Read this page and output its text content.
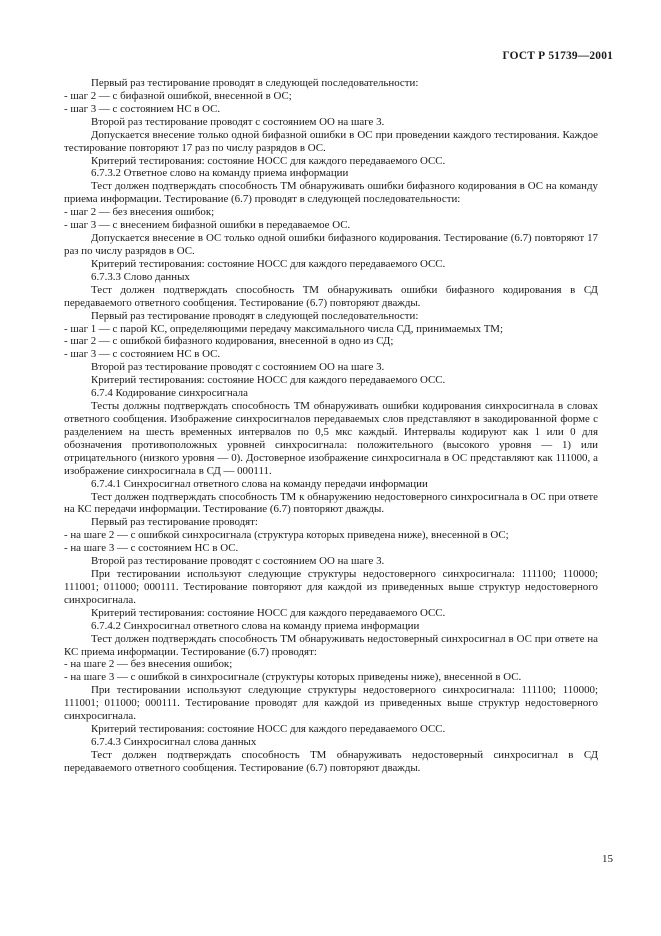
ГОСТ Р 51739—2001

Первый раз тестирование проводят в следующей последовательности:

- шаг 2 — с бифазной ошибкой, внесенной в ОС;

- шаг 3 — с состоянием НС в ОС.

Второй раз тестирование проводят с состоянием ОО на шаге 3.

Допускается внесение только одной бифазной ошибки в ОС при проведении каждого тестирования. Каждое тестирование повторяют 17 раз по числу разрядов в ОС.

Критерий тестирования: состояние НОСС для каждого передаваемого ОСС.

6.7.3.2 Ответное слово на команду приема информации

Тест должен подтверждать способность ТМ обнаруживать ошибки бифазного кодирования в ОС на команду приема информации. Тестирование (6.7) проводят в следующей последовательности:

- шаг 2 — без внесения ошибок;

- шаг 3 — с внесением бифазной ошибки в передаваемое ОС.

Допускается внесение в ОС только одной ошибки бифазного кодирования. Тестирование (6.7) повторяют 17 раз по числу разрядов в ОС.

Критерий тестирования: состояние НОСС для каждого передаваемого ОСС.

6.7.3.3 Слово данных

Тест должен подтверждать способность ТМ обнаруживать ошибки бифазного кодирования в СД передаваемого ответного сообщения. Тестирование (6.7) повторяют дважды.

Первый раз тестирование проводят в следующей последовательности:

- шаг 1 — с парой КС, определяющими передачу максимального числа СД, принимаемых ТМ;

- шаг 2 — с ошибкой бифазного кодирования, внесенной в одно из СД;

- шаг 3 — с состоянием НС в ОС.

Второй раз тестирование проводят с состоянием ОО на шаге 3.

Критерий тестирования: состояние НОСС для каждого передаваемого ОСС.

6.7.4 Кодирование синхросигнала

Тесты должны подтверждать способность ТМ обнаруживать ошибки кодирования синхросигнала в словах ответного сообщения. Изображение синхросигналов передаваемых слов представляют в закодированной форме с разделением на шесть временных интервалов по 0,5 мкс каждый. Интервалы кодируют как 1 или 0 для обозначения противоположных уровней синхросигнала: положительного (высокого уровня — 1) или отрицательного (низкого уровня — 0). Достоверное изображение синхросигнала в ОС представляют как 111000, а изображение синхросигнала в СД — 000111.

6.7.4.1 Синхросигнал ответного слова на команду передачи информации

Тест должен подтверждать способность ТМ к обнаружению недостоверного синхросигнала в ОС при ответе на КС передачи информации. Тестирование (6.7) повторяют дважды.

Первый раз тестирование проводят:

- на шаге 2 — с ошибкой синхросигнала (структура которых приведена ниже), внесенной в ОС;

- на шаге 3 — с состоянием НС в ОС.

Второй раз тестирование проводят с состоянием ОО на шаге 3.

При тестировании используют следующие структуры недостоверного синхросигнала: 111100; 110000; 111001; 011000; 000111. Тестирование повторяют для каждой из приведенных выше структур недостоверного синхросигнала.

Критерий тестирования: состояние НОСС для каждого передаваемого ОСС.

6.7.4.2 Синхросигнал ответного слова на команду приема информации

Тест должен подтверждать способность ТМ обнаруживать недостоверный синхросигнал в ОС при ответе на КС приема информации. Тестирование (6.7) проводят:

- на шаге 2 — без внесения ошибок;

- на шаге 3 — с ошибкой в синхросигнале (структуры которых приведены ниже), внесенной в ОС.

При тестировании используют следующие структуры недостоверного синхросигнала: 111100; 110000; 111001; 011000; 000111. Тестирование проводят для каждой из приведенных выше структур недостоверного синхросигнала.

Критерий тестирования: состояние НОСС для каждого передаваемого ОСС.

6.7.4.3 Синхросигнал слова данных

Тест должен подтверждать способность ТМ обнаруживать недостоверный синхросигнал в СД передаваемого ответного сообщения. Тестирование (6.7) повторяют дважды.

15
